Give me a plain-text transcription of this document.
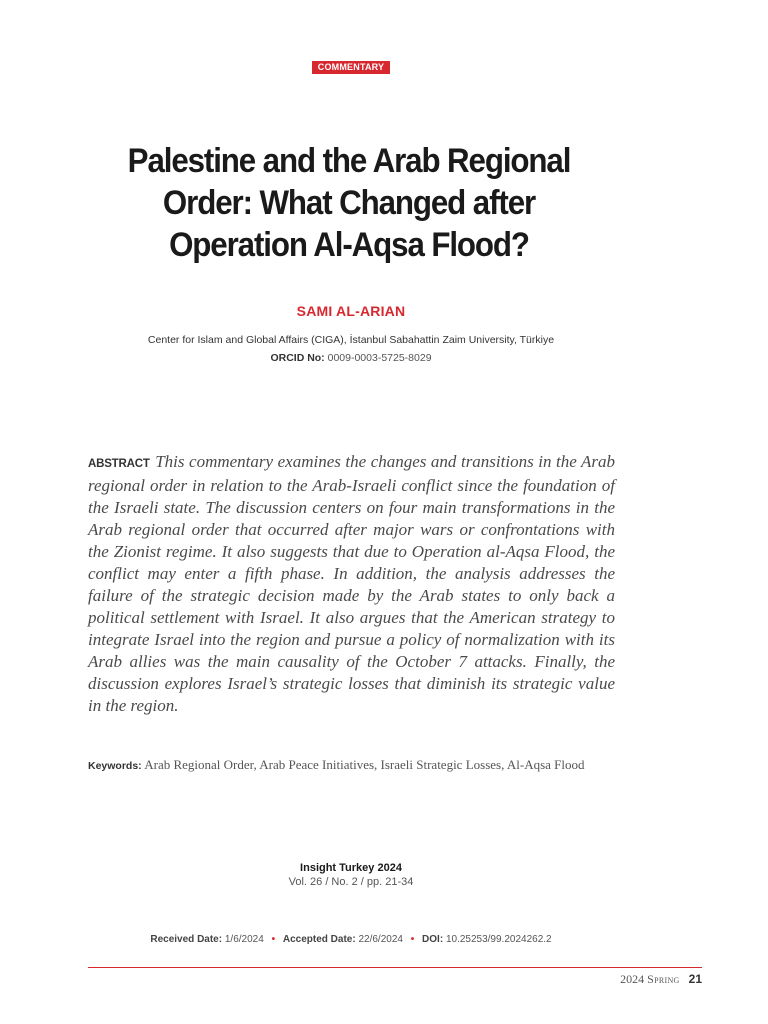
COMMENTARY
Palestine and the Arab Regional
Order: What Changed after
Operation Al-Aqsa Flood?
SAMI AL-ARIAN
Center for Islam and Global Affairs (CIGA), İstanbul Sabahattin Zaim University, Türkiye
ORCID No: 0009-0003-5725-8029

ABSTRACT This commentary examines the changes and transitions in the Arab regional order in relation to the Arab-Israeli conflict since the foundation of the Israeli state. The discussion centers on four main transformations in the Arab regional order that occurred after major wars or confrontations with the Zionist regime. It also suggests that due to Operation al-Aqsa Flood, the conflict may enter a fifth phase. In addition, the analysis addresses the failure of the strategic decision made by the Arab states to only back a political settlement with Israel. It also argues that the American strategy to integrate Israel into the region and pursue a policy of normalization with its Arab allies was the main causality of the October 7 attacks. Finally, the discussion explores Israel’s strategic losses that diminish its strategic value in the region.

Keywords: Arab Regional Order, Arab Peace Initiatives, Israeli Strategic Losses, Al-Aqsa Flood

Insight Turkey 2024
Vol. 26 / No. 2 / pp. 21-34
Received Date: 1/6/2024 • Accepted Date: 22/6/2024 • DOI: 10.25253/99.2024262.2
2024 Spring 21
